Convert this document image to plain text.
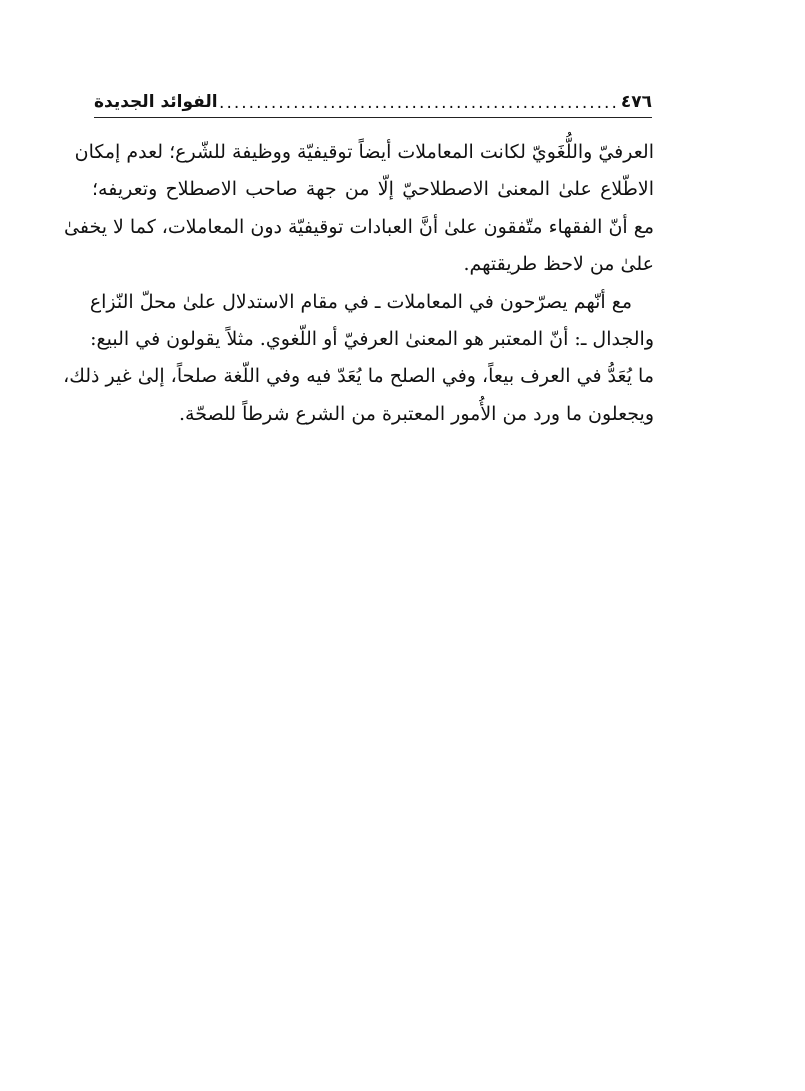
٤٧٦
.....
الفوائد الجديدة
العرفيّ واللُّغَويّ لكانت المعاملات أيضاً توقيفيّة ووظيفة للشّرع؛ لعدم إمكان
الاطّلاع علىٰ المعنىٰ الاصطلاحيّ إلّا من جهة صاحب الاصطلاح وتعريفه؛
مع أنّ الفقهاء متّفقون علىٰ أنَّ العبادات توقيفيّة دون المعاملات، كما لا يخفىٰ
علىٰ من لاحظ طريقتهم.
مع أنّهم يصرّحون في المعاملات ـ في مقام الاستدلال علىٰ محلّ النّزاع
والجدال ـ: أنّ المعتبر هو المعنىٰ العرفيّ أو اللّغوي. مثلاً يقولون في البيع:
ما يُعَدُّ في العرف بيعاً، وفي الصلح ما يُعَدّ فيه وفي اللّغة صلحاً، إلىٰ غير ذلك،
ويجعلون ما ورد من الأُمور المعتبرة من الشرع شرطاً للصحّة.
